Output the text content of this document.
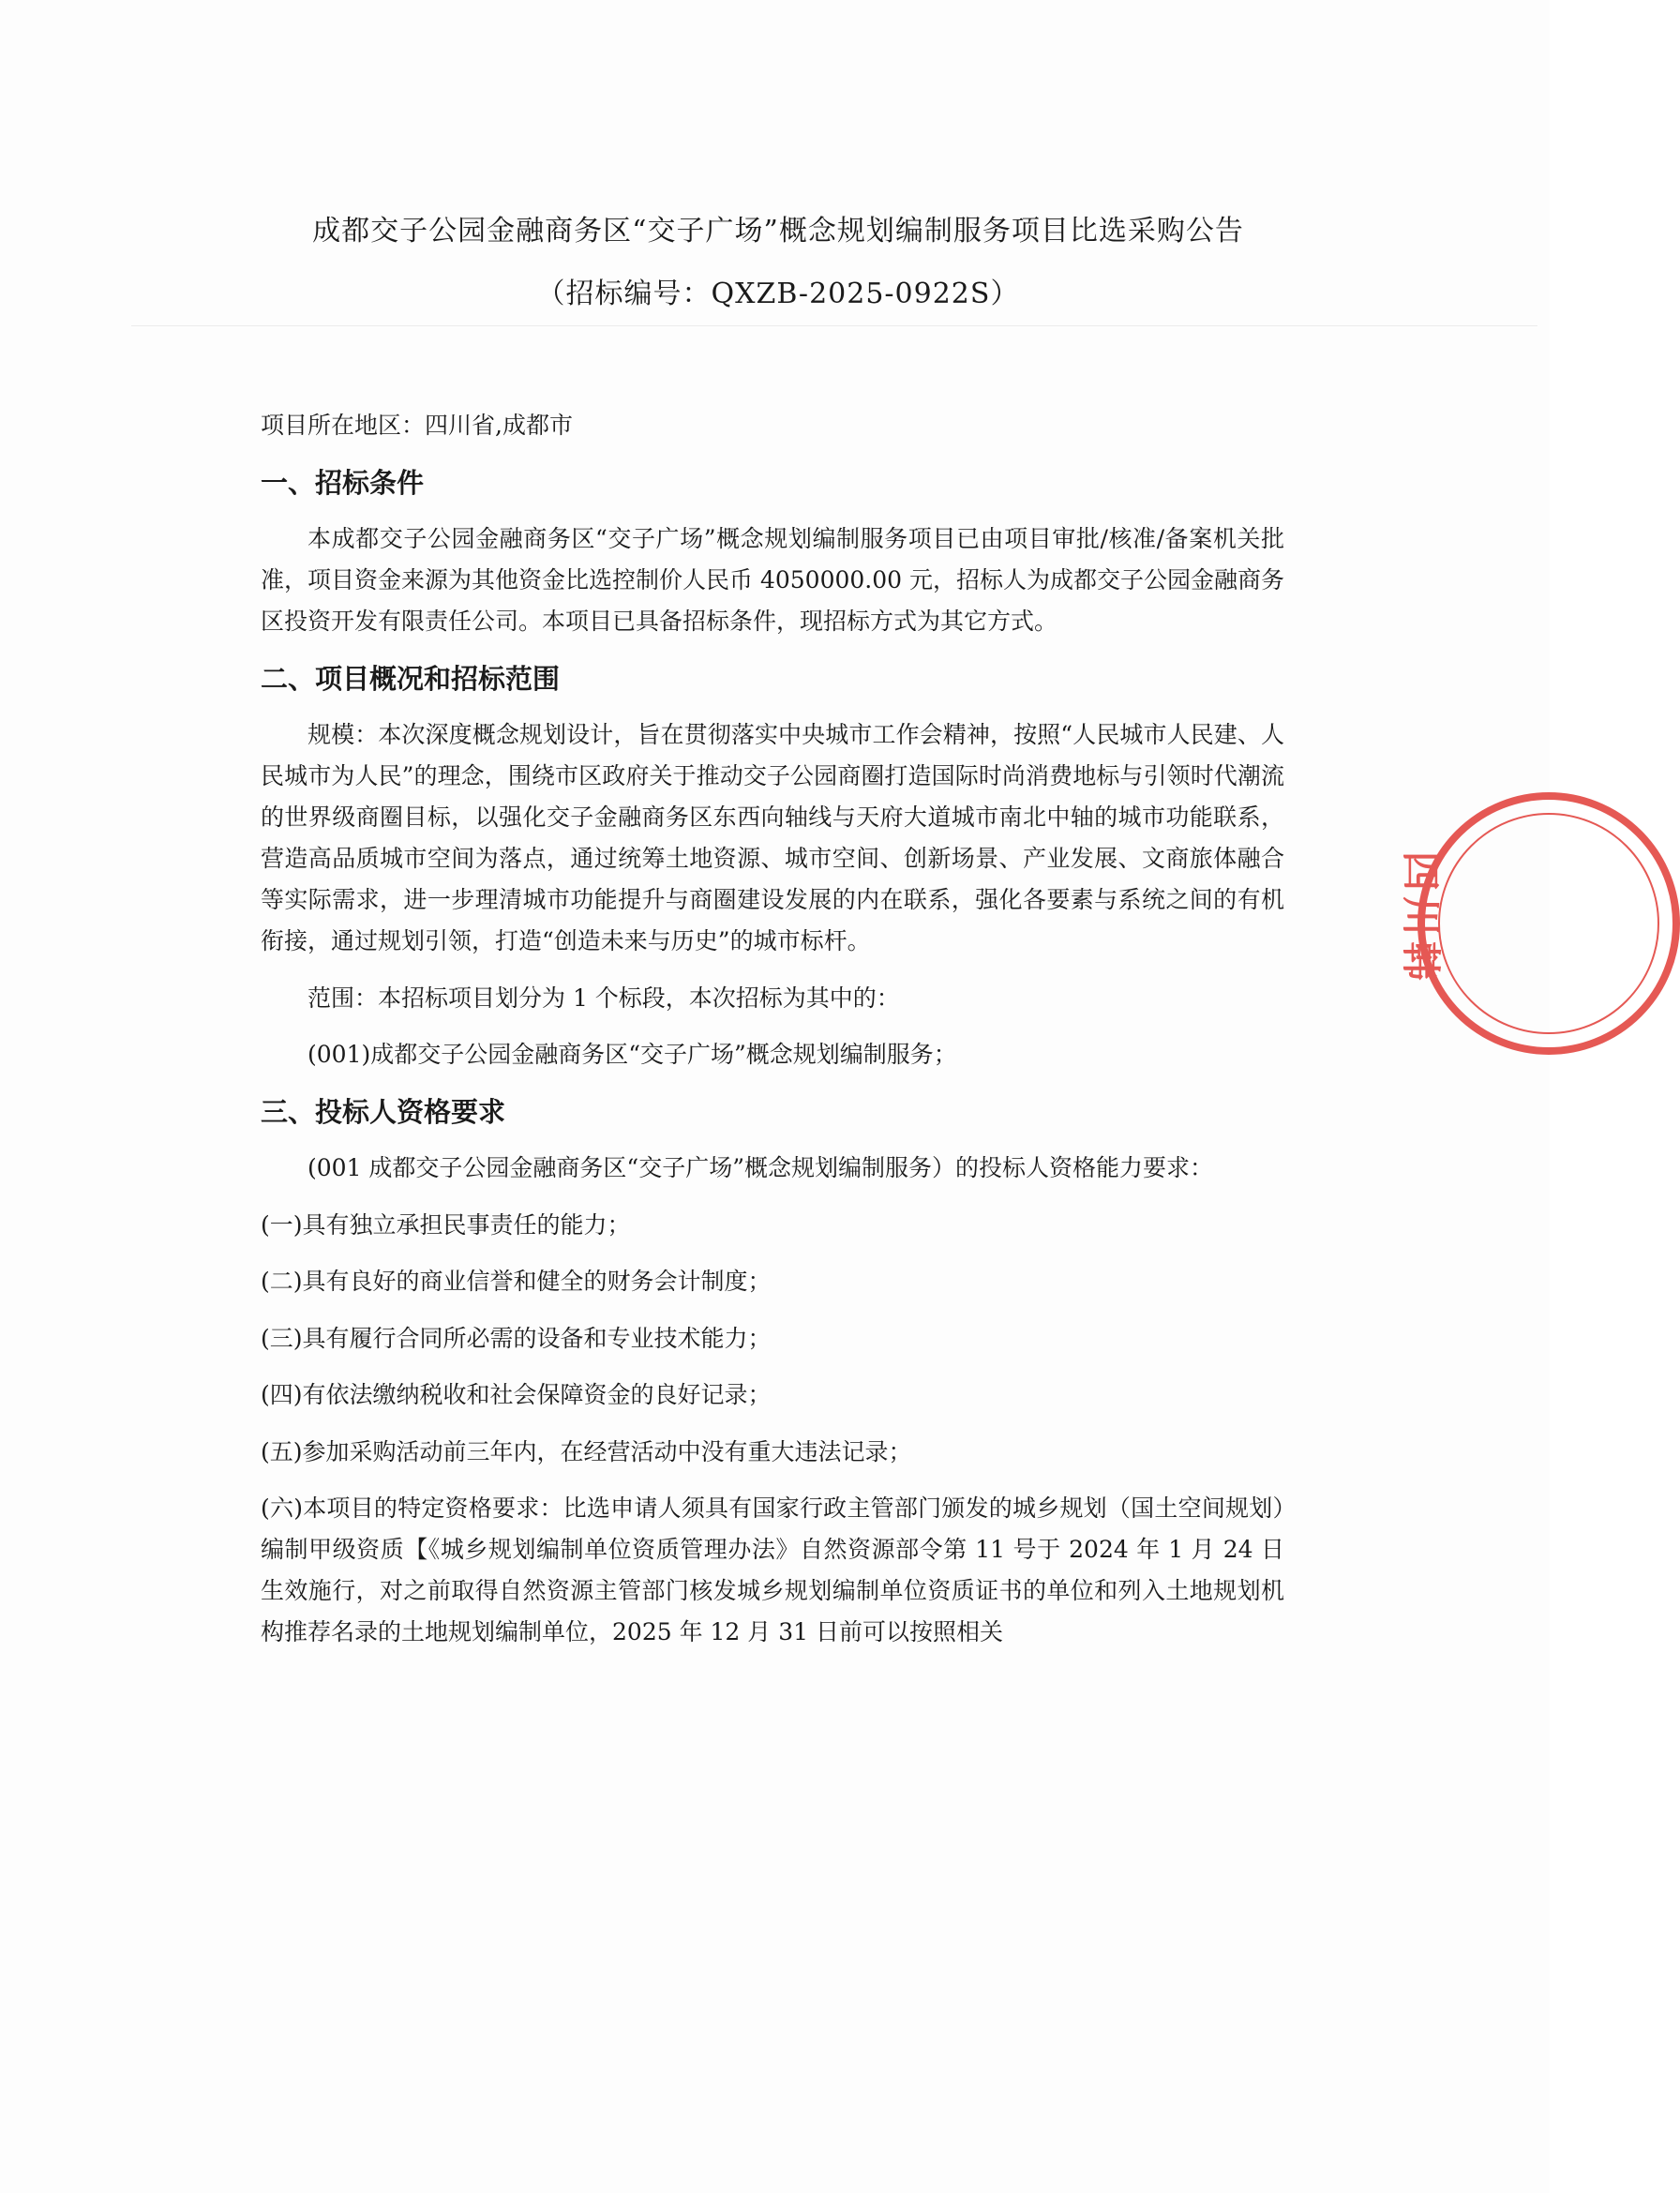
成都交子公园金融商务区“交子广场”概念规划编制服务项目比选采购公告
（招标编号：QXZB-2025-0922S）

项目所在地区：四川省,成都市

一、招标条件

本成都交子公园金融商务区“交子广场”概念规划编制服务项目已由项目审批/核准/备案机关批准，项目资金来源为其他资金比选控制价人民币 4050000.00 元，招标人为成都交子公园金融商务区投资开发有限责任公司。本项目已具备招标条件，现招标方式为其它方式。

二、项目概况和招标范围

规模：本次深度概念规划设计，旨在贯彻落实中央城市工作会精神，按照“人民城市人民建、人民城市为人民”的理念，围绕市区政府关于推动交子公园商圈打造国际时尚消费地标与引领时代潮流的世界级商圈目标，以强化交子金融商务区东西向轴线与天府大道城市南北中轴的城市功能联系，营造高品质城市空间为落点，通过统筹土地资源、城市空间、创新场景、产业发展、文商旅体融合等实际需求，进一步理清城市功能提升与商圈建设发展的内在联系，强化各要素与系统之间的有机衔接，通过规划引领，打造“创造未来与历史”的城市标杆。

范围：本招标项目划分为 1 个标段，本次招标为其中的：

(001)成都交子公园金融商务区“交子广场”概念规划编制服务；

三、投标人资格要求

(001 成都交子公园金融商务区“交子广场”概念规划编制服务）的投标人资格能力要求：

(一)具有独立承担民事责任的能力；

(二)具有良好的商业信誉和健全的财务会计制度；

(三)具有履行合同所必需的设备和专业技术能力；

(四)有依法缴纳税收和社会保障资金的良好记录；

(五)参加采购活动前三年内，在经营活动中没有重大违法记录；

(六)本项目的特定资格要求：比选申请人须具有国家行政主管部门颁发的城乡规划（国土空间规划）编制甲级资质【《城乡规划编制单位资质管理办法》自然资源部令第 11 号于 2024 年 1 月 24 日生效施行，对之前取得自然资源主管部门核发城乡规划编制单位资质证书的单位和列入土地规划机构推荐名录的土地规划编制单位，2025 年 12 月 31 日前可以按照相关

四川韩
